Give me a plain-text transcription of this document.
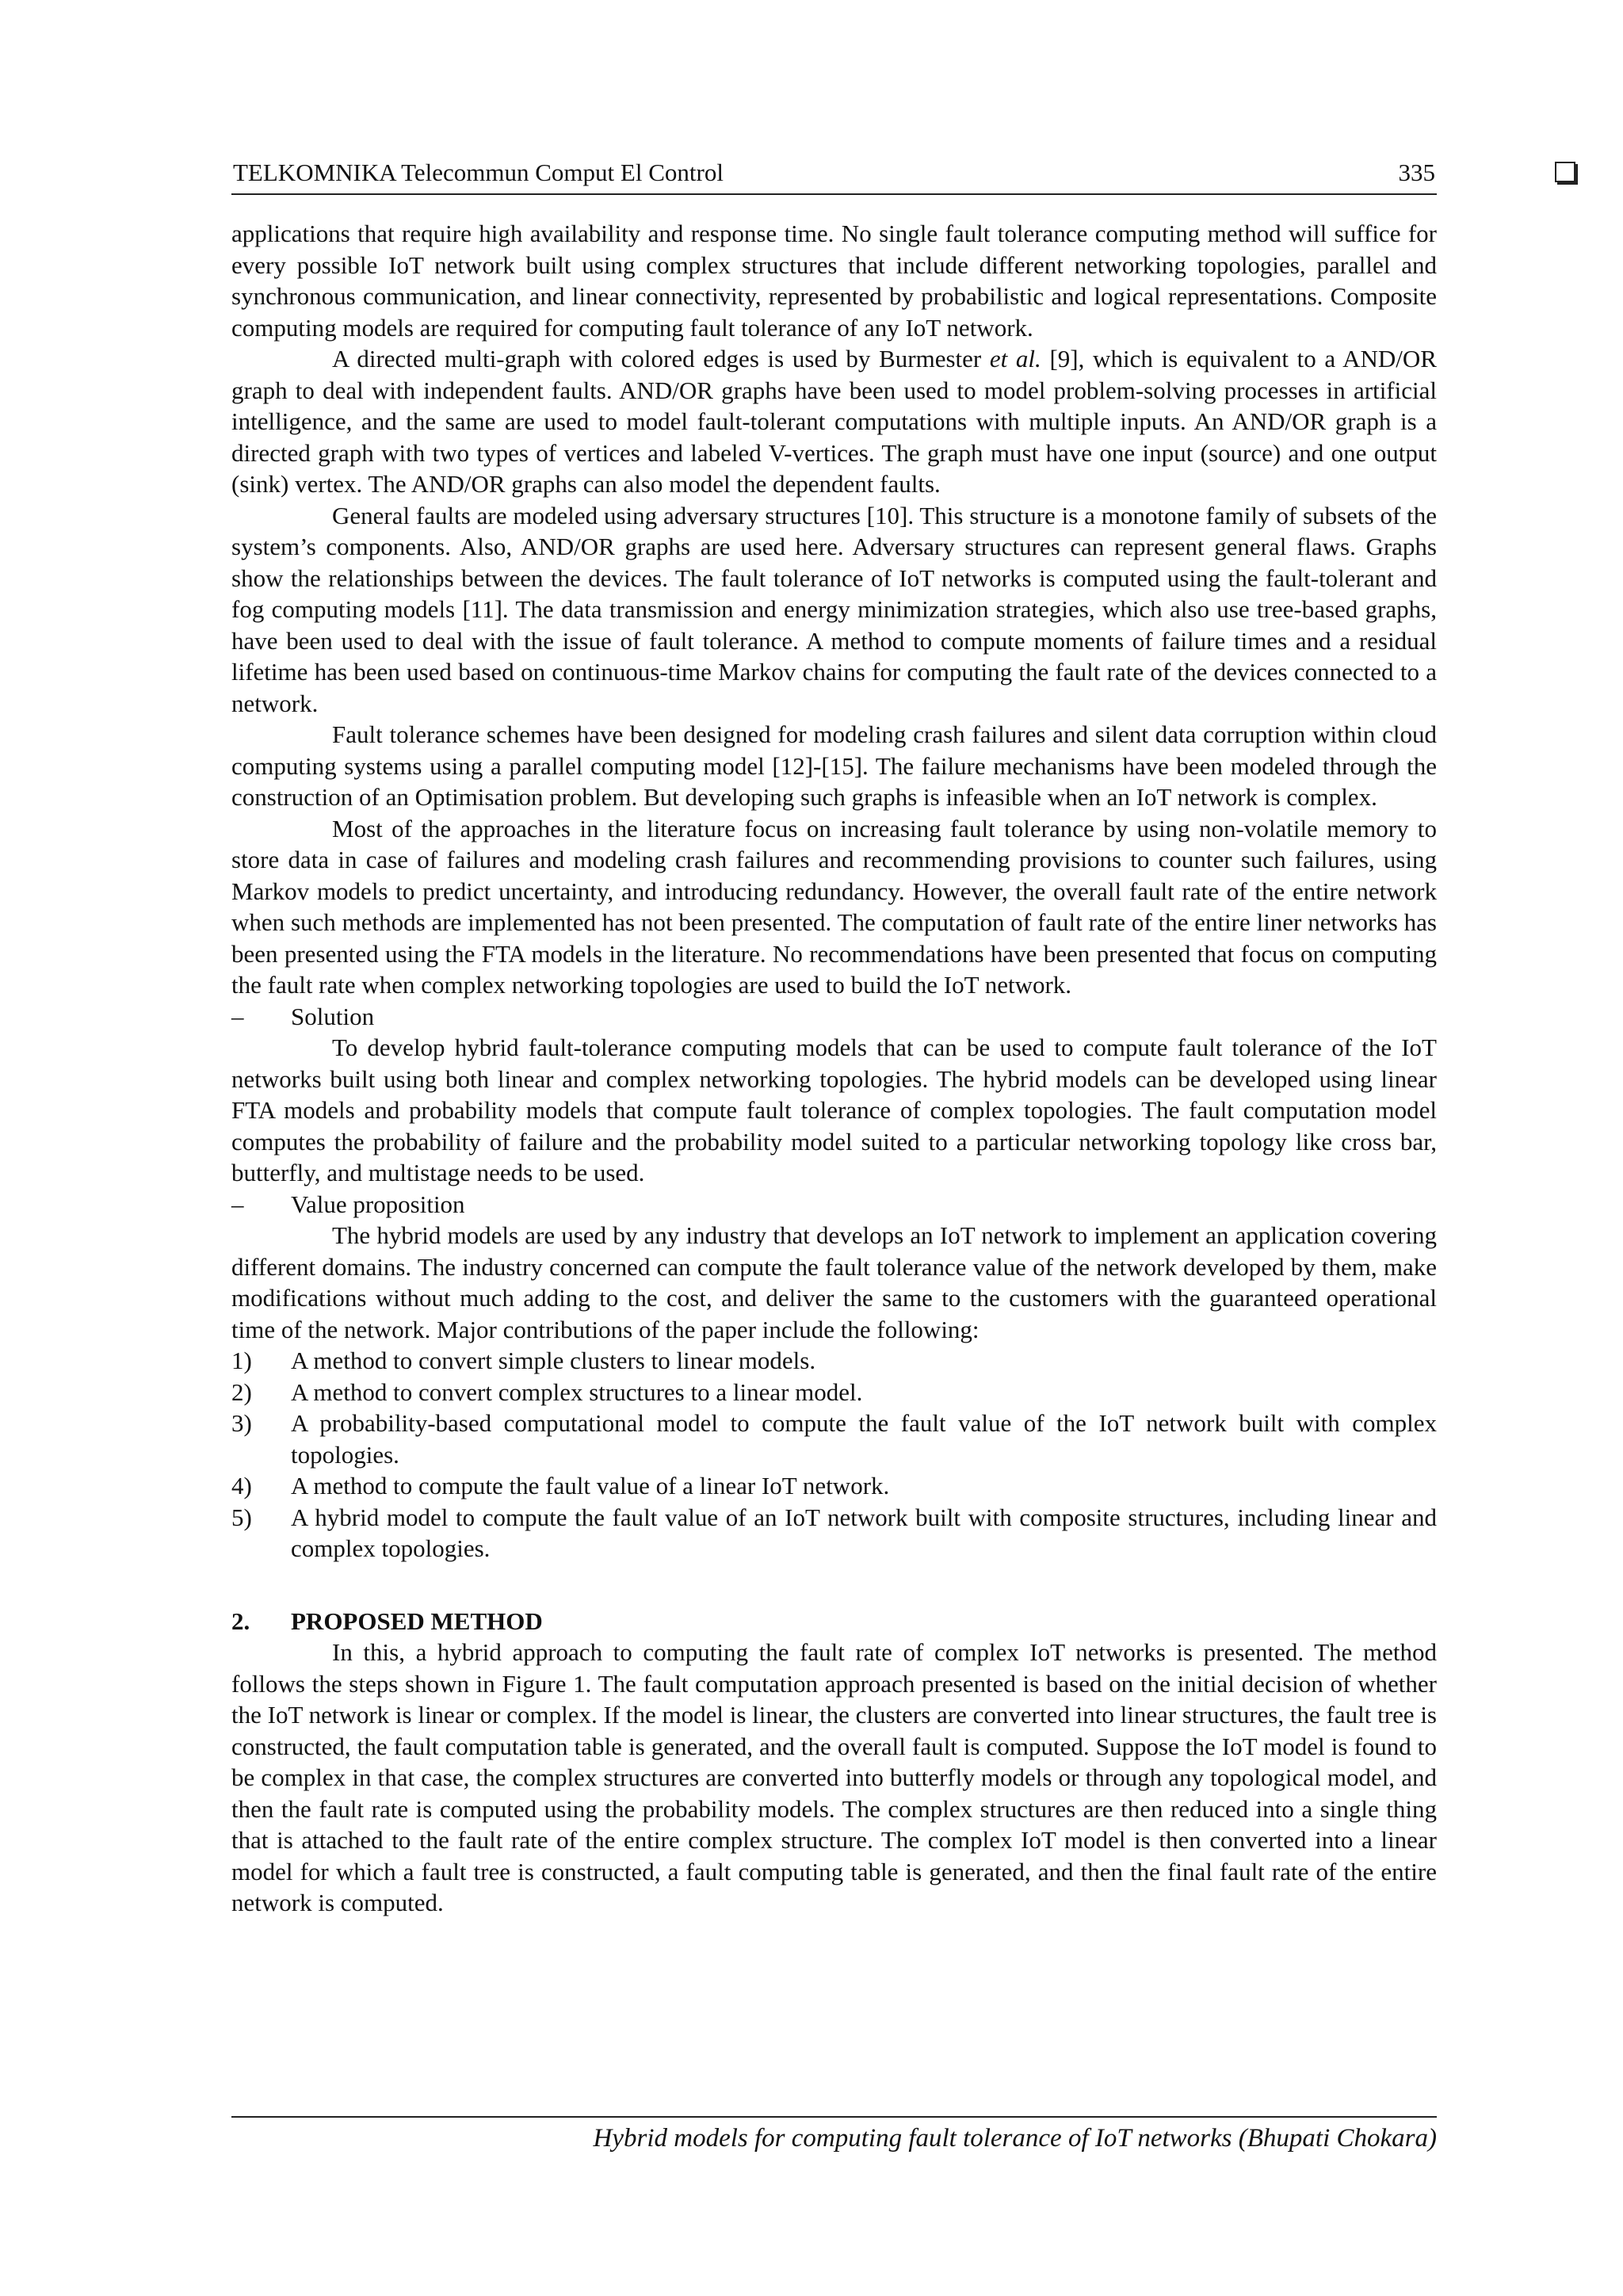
TELKOMNIKA Telecommun Comput El Control	335

applications that require high availability and response time. No single fault tolerance computing method will suffice for every possible IoT network built using complex structures that include different networking topologies, parallel and synchronous communication, and linear connectivity, represented by probabilistic and logical representations. Composite computing models are required for computing fault tolerance of any IoT network.

A directed multi-graph with colored edges is used by Burmester et al. [9], which is equivalent to a AND/OR graph to deal with independent faults. AND/OR graphs have been used to model problem-solving processes in artificial intelligence, and the same are used to model fault-tolerant computations with multiple inputs. An AND/OR graph is a directed graph with two types of vertices and labeled V-vertices. The graph must have one input (source) and one output (sink) vertex. The AND/OR graphs can also model the dependent faults.

General faults are modeled using adversary structures [10]. This structure is a monotone family of subsets of the system’s components. Also, AND/OR graphs are used here. Adversary structures can represent general flaws. Graphs show the relationships between the devices. The fault tolerance of IoT networks is computed using the fault-tolerant and fog computing models [11]. The data transmission and energy minimization strategies, which also use tree-based graphs, have been used to deal with the issue of fault tolerance. A method to compute moments of failure times and a residual lifetime has been used based on continuous-time Markov chains for computing the fault rate of the devices connected to a network.

Fault tolerance schemes have been designed for modeling crash failures and silent data corruption within cloud computing systems using a parallel computing model [12]-[15]. The failure mechanisms have been modeled through the construction of an Optimisation problem. But developing such graphs is infeasible when an IoT network is complex.

Most of the approaches in the literature focus on increasing fault tolerance by using non-volatile memory to store data in case of failures and modeling crash failures and recommending provisions to counter such failures, using Markov models to predict uncertainty, and introducing redundancy. However, the overall fault rate of the entire network when such methods are implemented has not been presented. The computation of fault rate of the entire liner networks has been presented using the FTA models in the literature. No recommendations have been presented that focus on computing the fault rate when complex networking topologies are used to build the IoT network.

–	Solution

To develop hybrid fault-tolerance computing models that can be used to compute fault tolerance of the IoT networks built using both linear and complex networking topologies. The hybrid models can be developed using linear FTA models and probability models that compute fault tolerance of complex topologies. The fault computation model computes the probability of failure and the probability model suited to a particular networking topology like cross bar, butterfly, and multistage needs to be used.

–	Value proposition

The hybrid models are used by any industry that develops an IoT network to implement an application covering different domains. The industry concerned can compute the fault tolerance value of the network developed by them, make modifications without much adding to the cost, and deliver the same to the customers with the guaranteed operational time of the network. Major contributions of the paper include the following:

1)	A method to convert simple clusters to linear models.

2)	A method to convert complex structures to a linear model.

3)	A probability-based computational model to compute the fault value of the IoT network built with complex topologies.

4)	A method to compute the fault value of a linear IoT network.

5)	A hybrid model to compute the fault value of an IoT network built with composite structures, including linear and complex topologies.

2.	PROPOSED METHOD

In this, a hybrid approach to computing the fault rate of complex IoT networks is presented. The method follows the steps shown in Figure 1. The fault computation approach presented is based on the initial decision of whether the IoT network is linear or complex. If the model is linear, the clusters are converted into linear structures, the fault tree is constructed, the fault computation table is generated, and the overall fault is computed. Suppose the IoT model is found to be complex in that case, the complex structures are converted into butterfly models or through any topological model, and then the fault rate is computed using the probability models. The complex structures are then reduced into a single thing that is attached to the fault rate of the entire complex structure. The complex IoT model is then converted into a linear model for which a fault tree is constructed, a fault computing table is generated, and then the final fault rate of the entire network is computed.

Hybrid models for computing fault tolerance of IoT networks (Bhupati Chokara)
